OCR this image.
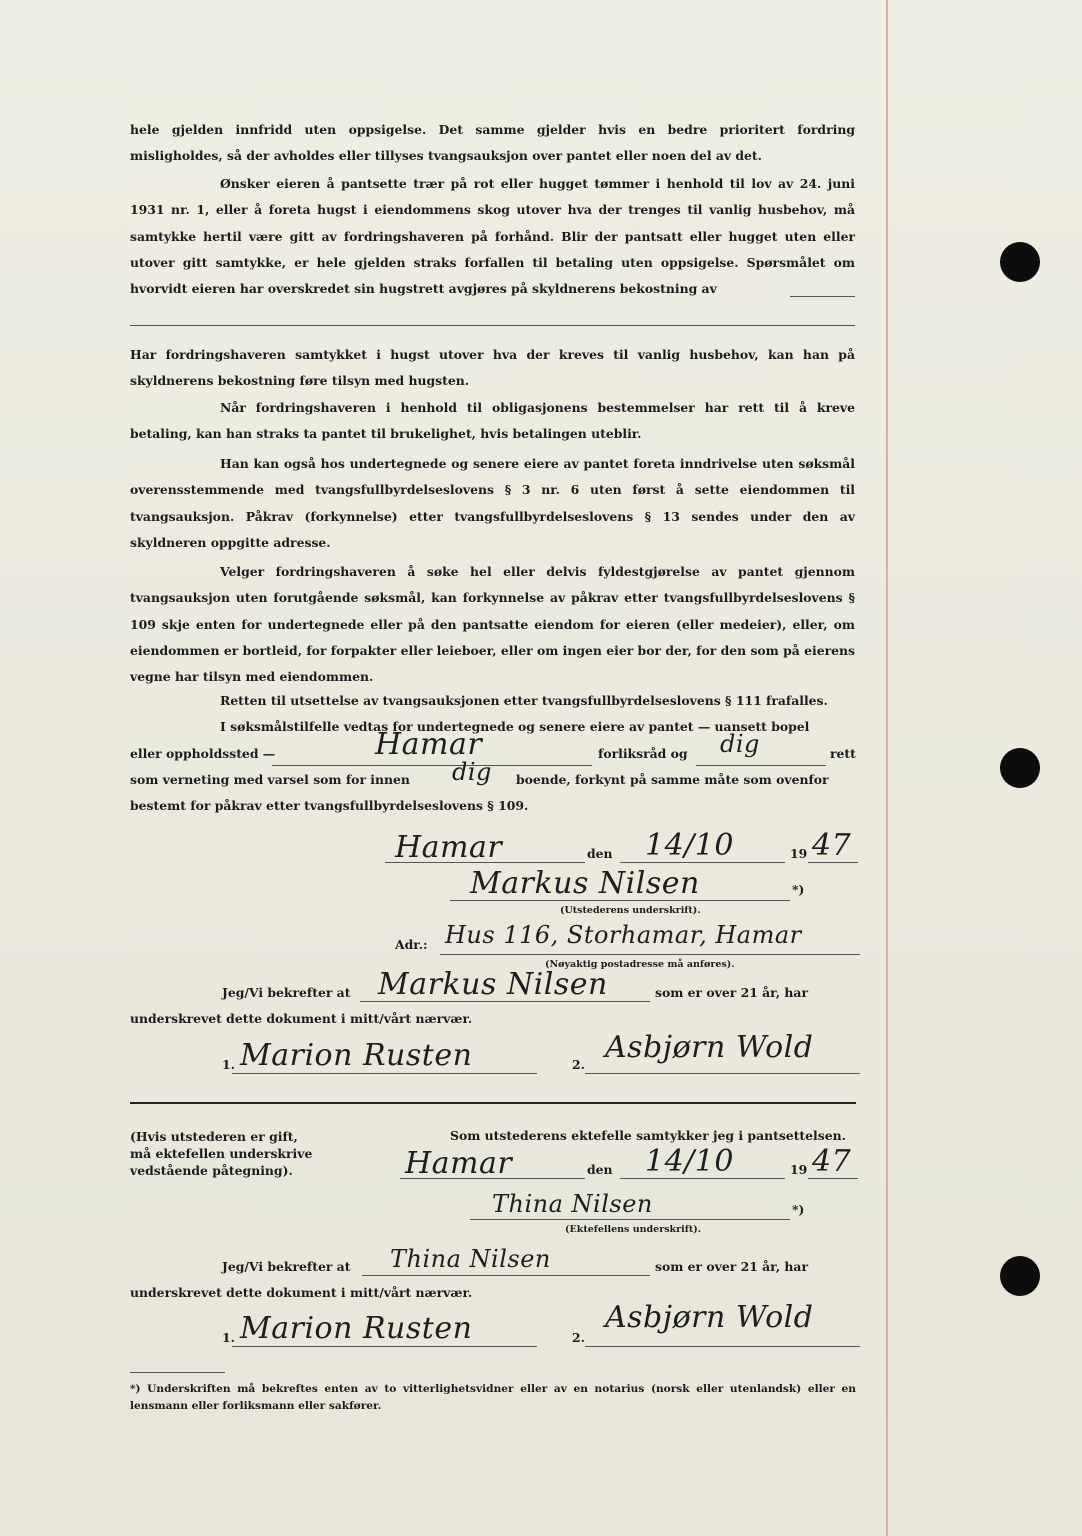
hele gjelden innfridd uten oppsigelse. Det samme gjelder hvis en bedre prioritert fordring misligholdes, så der avholdes eller tillyses tvangsauksjon over pantet eller noen del av det.

Ønsker eieren å pantsette trær på rot eller hugget tømmer i henhold til lov av 24. juni 1931 nr. 1, eller å foreta hugst i eiendommens skog utover hva der trenges til vanlig husbehov, må samtykke hertil være gitt av fordringshaveren på forhånd. Blir der pantsatt eller hugget uten eller utover gitt samtykke, er hele gjelden straks forfallen til betaling uten oppsigelse. Spørsmålet om hvorvidt eieren har overskredet sin hugstrett avgjøres på skyldnerens bekostning av

Har fordringshaveren samtykket i hugst utover hva der kreves til vanlig husbehov, kan han på skyldnerens bekostning føre tilsyn med hugsten.

Når fordringshaveren i henhold til obligasjonens bestemmelser har rett til å kreve betaling, kan han straks ta pantet til brukelighet, hvis betalingen uteblir.

Han kan også hos undertegnede og senere eiere av pantet foreta inndrivelse uten søksmål overensstemmende med tvangsfullbyrdelseslovens § 3 nr. 6 uten først å sette eiendommen til tvangsauksjon. Påkrav (forkynnelse) etter tvangsfullbyrdelseslovens § 13 sendes under den av skyldneren oppgitte adresse.

Velger fordringshaveren å søke hel eller delvis fyldestgjørelse av pantet gjennom tvangsauksjon uten forutgående søksmål, kan forkynnelse av påkrav etter tvangsfullbyrdelseslovens § 109 skje enten for undertegnede eller på den pantsatte eiendom for eieren (eller medeier), eller, om eiendommen er bortleid, for forpakter eller leieboer, eller om ingen eier bor der, for den som på eierens vegne har tilsyn med eiendommen.

Retten til utsettelse av tvangsauksjonen etter tvangsfullbyrdelseslovens § 111 frafalles.

I søksmålstilfelle vedtas for undertegnede og senere eiere av pantet — uansett bopel

eller oppholdssted —	Hamar	forliksråd og dig	rett
som verneting med varsel som for innen dig boende, forkynt på samme måte som ovenfor
bestemt for påkrav etter tvangsfullbyrdelseslovens § 109.
Hamar	den 14/10	19 47
Markus Nilsen	*)
(Utstederens underskrift).
Adr.: Hus 116, Storhamar, Hamar
(Nøyaktig postadresse må anføres).
Jeg/Vi bekrefter at Markus Nilsen	som er over 21 år, har
underskrevet dette dokument i mitt/vårt nærvær.
1. Marion Rusten	2. Asbjørn Wold
(Hvis utstederen er gift, må ektefellen underskrive vedstående påtegning).
Som utstederens ektefelle samtykker jeg i pantsettelsen.
Hamar	den 14/10	19 47
Thina Nilsen	*)
(Ektefellens underskrift).
Jeg/Vi bekrefter at Thina Nilsen	som er over 21 år, har
underskrevet dette dokument i mitt/vårt nærvær.
1. Marion Rusten	2.
Asbjørn Wold
*) Underskriften må bekreftes enten av to vitterlighetsvidner eller av en notarius (norsk eller utenlandsk) eller en lensmann eller forliksmann eller sakfører.
